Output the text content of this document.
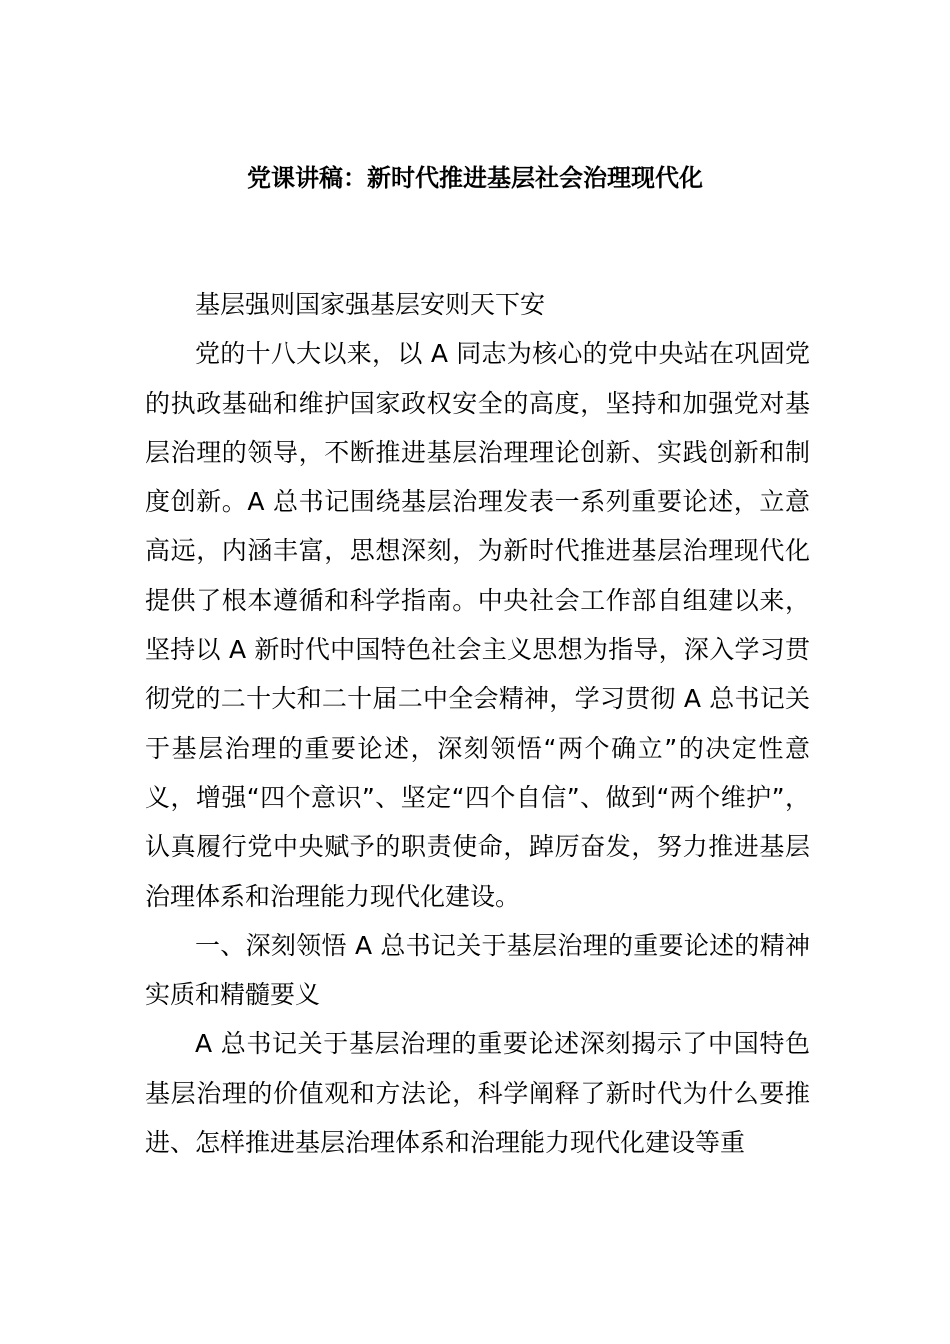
党课讲稿：新时代推进基层社会治理现代化

基层强则国家强基层安则天下安

党的十八大以来，以 A 同志为核心的党中央站在巩固党的执政基础和维护国家政权安全的高度，坚持和加强党对基层治理的领导，不断推进基层治理理论创新、实践创新和制度创新。A 总书记围绕基层治理发表一系列重要论述，立意高远，内涵丰富，思想深刻，为新时代推进基层治理现代化提供了根本遵循和科学指南。中央社会工作部自组建以来，坚持以 A 新时代中国特色社会主义思想为指导，深入学习贯彻党的二十大和二十届二中全会精神，学习贯彻 A 总书记关于基层治理的重要论述，深刻领悟“两个确立”的决定性意义，增强“四个意识”、坚定“四个自信”、做到“两个维护”，认真履行党中央赋予的职责使命，踔厉奋发，努力推进基层治理体系和治理能力现代化建设。

一、深刻领悟 A 总书记关于基层治理的重要论述的精神实质和精髓要义

A 总书记关于基层治理的重要论述深刻揭示了中国特色基层治理的价值观和方法论，科学阐释了新时代为什么要推进、怎样推进基层治理体系和治理能力现代化建设等重
